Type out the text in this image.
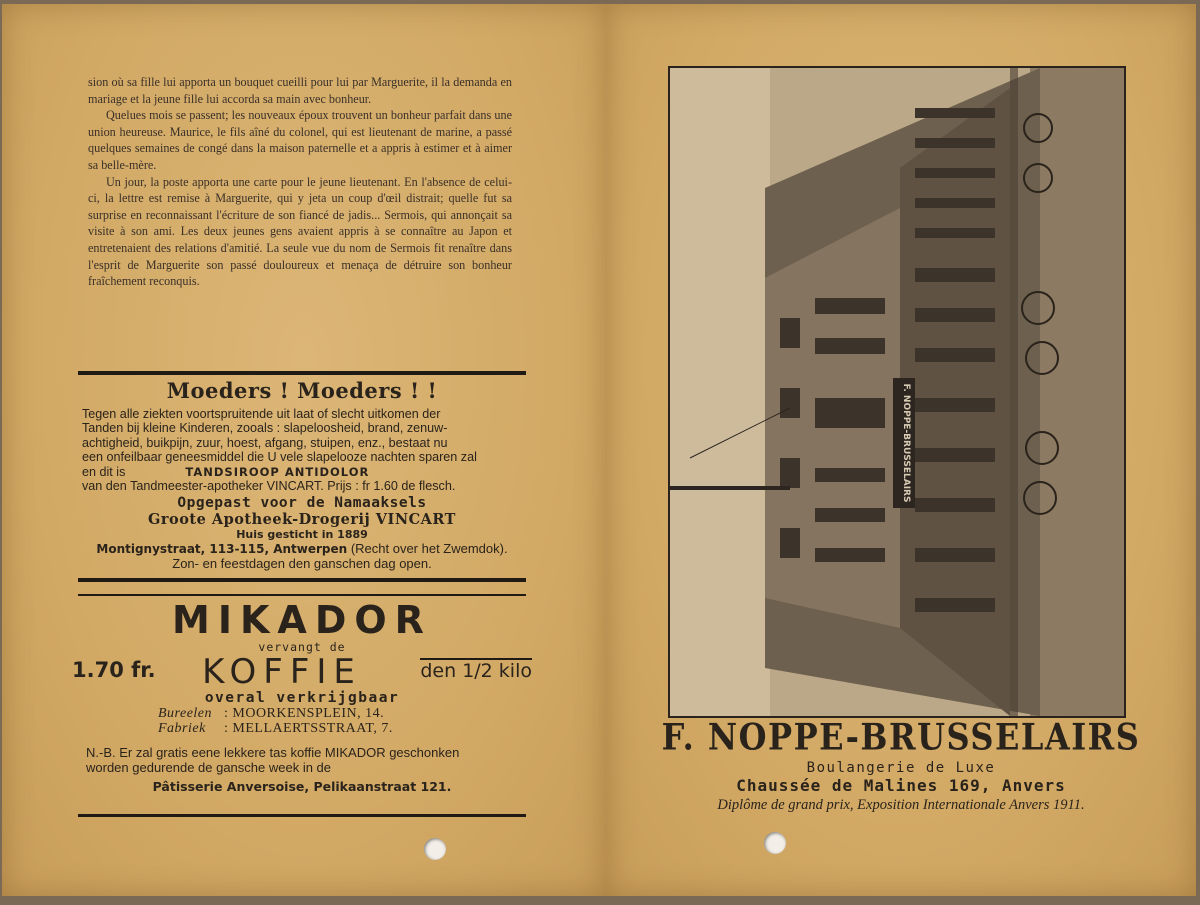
sion où sa fille lui apporta un bouquet cueilli pour lui par Marguerite, il la demanda en mariage et la jeune fille lui accorda sa main avec bonheur.

Quelues mois se passent; les nouveaux époux trouvent un bonheur parfait dans une union heureuse. Maurice, le fils aîné du colonel, qui est lieutenant de marine, a passé quelques semaines de congé dans la maison paternelle et a appris à estimer et à aimer sa belle-mère.

Un jour, la poste apporta une carte pour le jeune lieutenant. En l'absence de celui-ci, la lettre est remise à Marguerite, qui y jeta un coup d'œil distrait; quelle fut sa surprise en reconnaissant l'écriture de son fiancé de jadis... Sermois, qui annonçait sa visite à son ami. Les deux jeunes gens avaient appris à se connaître au Japon et entretenaient des relations d'amitié. La seule vue du nom de Sermois fit renaître dans l'esprit de Marguerite son passé douloureux et menaça de détruire son bonheur fraîchement reconquis.

Moeders ! Moeders ! !
Tegen alle ziekten voortspruitende uit laat of slecht uitkomen der
Tanden bij kleine Kinderen, zooals : slapeloosheid, brand, zenuw-
achtigheid, buikpijn, zuur, hoest, afgang, stuipen, enz., bestaat nu
een onfeilbaar geneesmiddel die U vele slapelooze nachten sparen zal
en dit is	TANDSIROOP ANTIDOLOR
van den Tandmeester-apotheker VINCART. Prijs : fr 1.60 de flesch.
Opgepast voor de Namaaksels
Groote Apotheek-Drogerij VINCART
Huis gesticht in 1889
Montignystraat, 113-115, Antwerpen (Recht over het Zwemdok).
Zon- en feestdagen den ganschen dag open.
MIKADOR
vervangt de
1.70 fr.	KOFFIE	den 1/2 kilo
overal verkrijgbaar
Bureelen : MOORKENSPLEIN, 14.
Fabriek : MELLAERTSSTRAAT, 7.
N.-B. Er zal gratis eene lekkere tas koffie MIKADOR geschonken
worden gedurende de gansche week in de
Pâtisserie Anversoise, Pelikaanstraat 121.
F. NOPPE-BRUSSELAIRS
F. NOPPE-BRUSSELAIRS
Boulangerie de Luxe
Chaussée de Malines 169, Anvers
Diplôme de grand prix, Exposition Internationale Anvers 1911.
